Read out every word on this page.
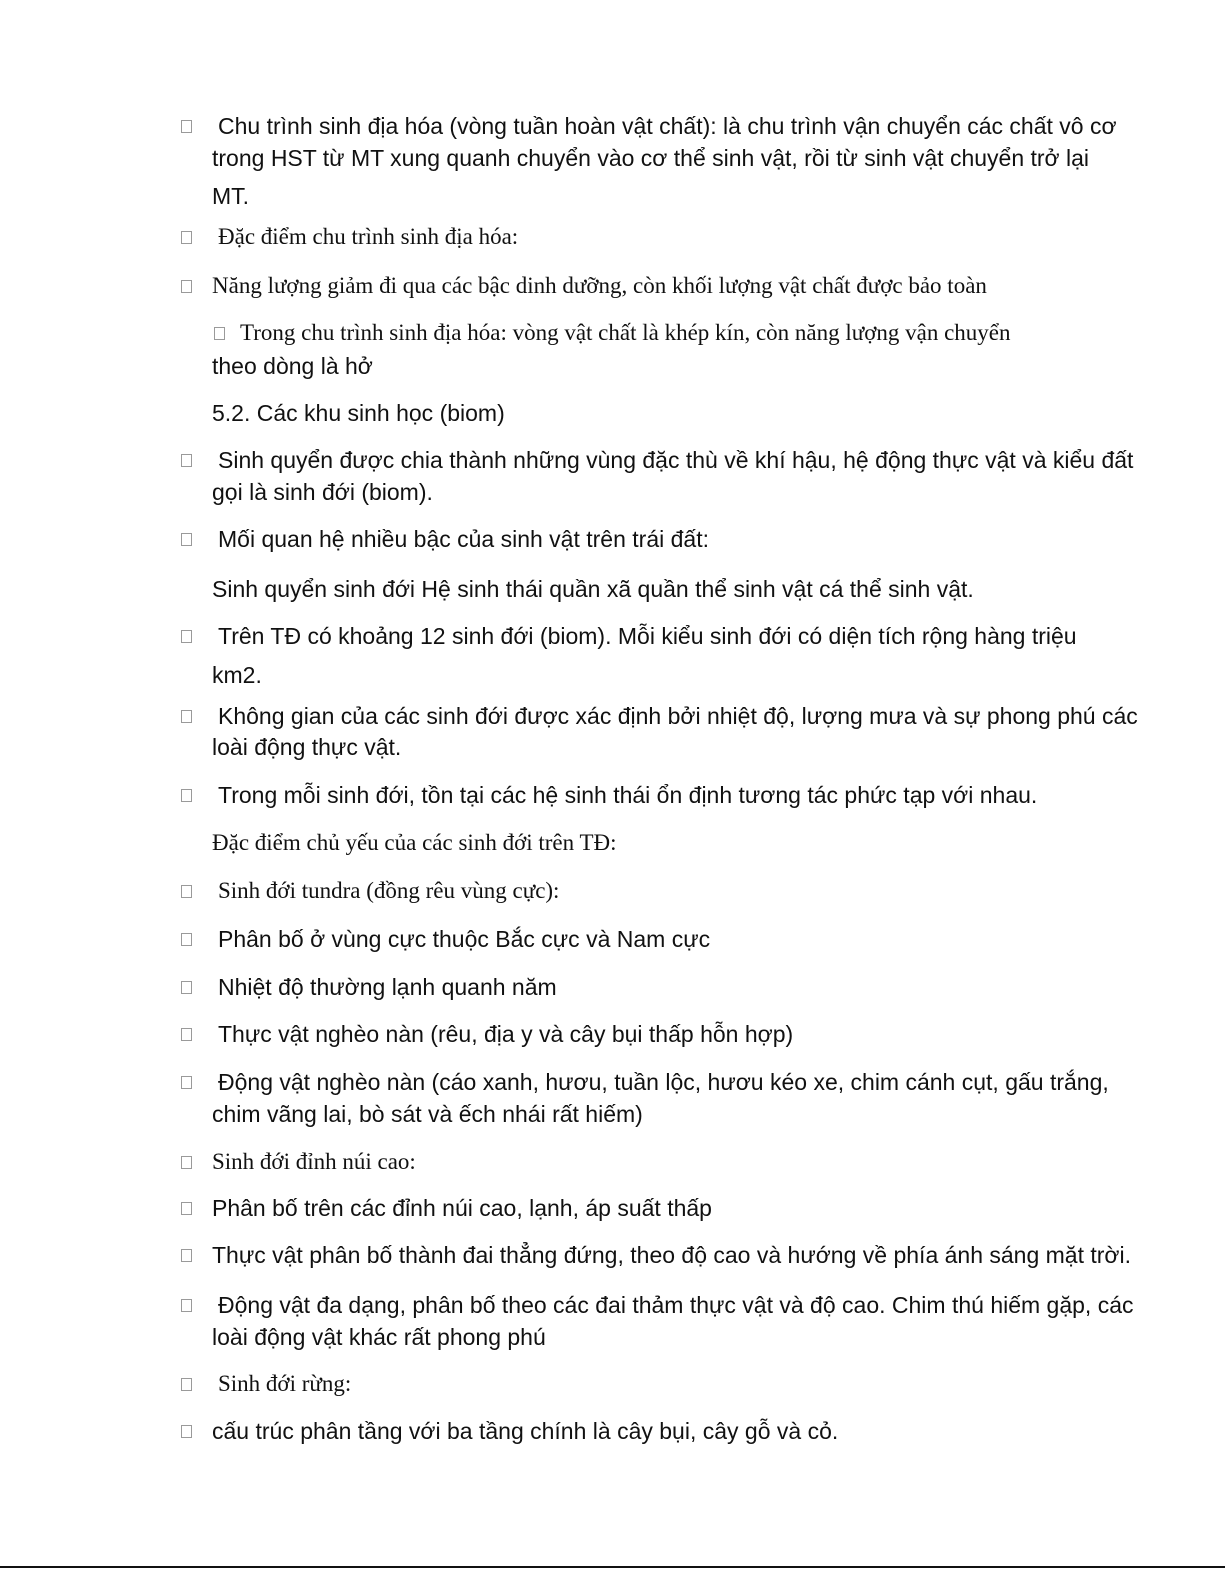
Chu trình sinh địa hóa (vòng tuần hoàn vật chất): là chu trình vận chuyển các chất vô cơ
trong HST từ MT xung quanh chuyển vào cơ thể sinh vật, rồi từ sinh vật chuyển trở lại
MT.
Đặc điểm chu trình sinh địa hóa:
Năng lượng giảm đi qua các bậc dinh dưỡng, còn khối lượng vật chất được bảo toàn
Trong chu trình sinh địa hóa: vòng vật chất là khép kín, còn năng lượng vận chuyển
theo dòng là hở
5.2. Các khu sinh học (biom)
Sinh quyển được chia thành những vùng đặc thù về khí hậu, hệ động thực vật và kiểu đất
gọi là sinh đới (biom).
Mối quan hệ nhiều bậc của sinh vật trên trái đất:
Sinh quyển sinh đới Hệ sinh thái quần xã quần thể sinh vật cá thể sinh vật.
Trên TĐ có khoảng 12 sinh đới (biom). Mỗi kiểu sinh đới có diện tích rộng hàng triệu
km2.
Không gian của các sinh đới được xác định bởi nhiệt độ, lượng mưa và sự phong phú các
loài động thực vật.
Trong mỗi sinh đới, tồn tại các hệ sinh thái ổn định tương tác phức tạp với nhau.
Đặc điểm chủ yếu của các sinh đới trên TĐ:
Sinh đới tundra (đồng rêu vùng cực):
Phân bố ở vùng cực thuộc Bắc cực và Nam cực
Nhiệt độ thường lạnh quanh năm
Thực vật nghèo nàn (rêu, địa y và cây bụi thấp hỗn hợp)
Động vật nghèo nàn (cáo xanh, hươu, tuần lộc, hươu kéo xe, chim cánh cụt, gấu trắng,
chim vãng lai, bò sát và ếch nhái rất hiếm)
Sinh đới đỉnh núi cao:
Phân bố trên các đỉnh núi cao, lạnh, áp suất thấp
Thực vật phân bố thành đai thẳng đứng, theo độ cao và hướng về phía ánh sáng mặt trời.
Động vật đa dạng, phân bố theo các đai thảm thực vật và độ cao. Chim thú hiếm gặp, các
loài động vật khác rất phong phú
Sinh đới rừng:
cấu trúc phân tầng với ba tầng chính là cây bụi, cây gỗ và cỏ.
